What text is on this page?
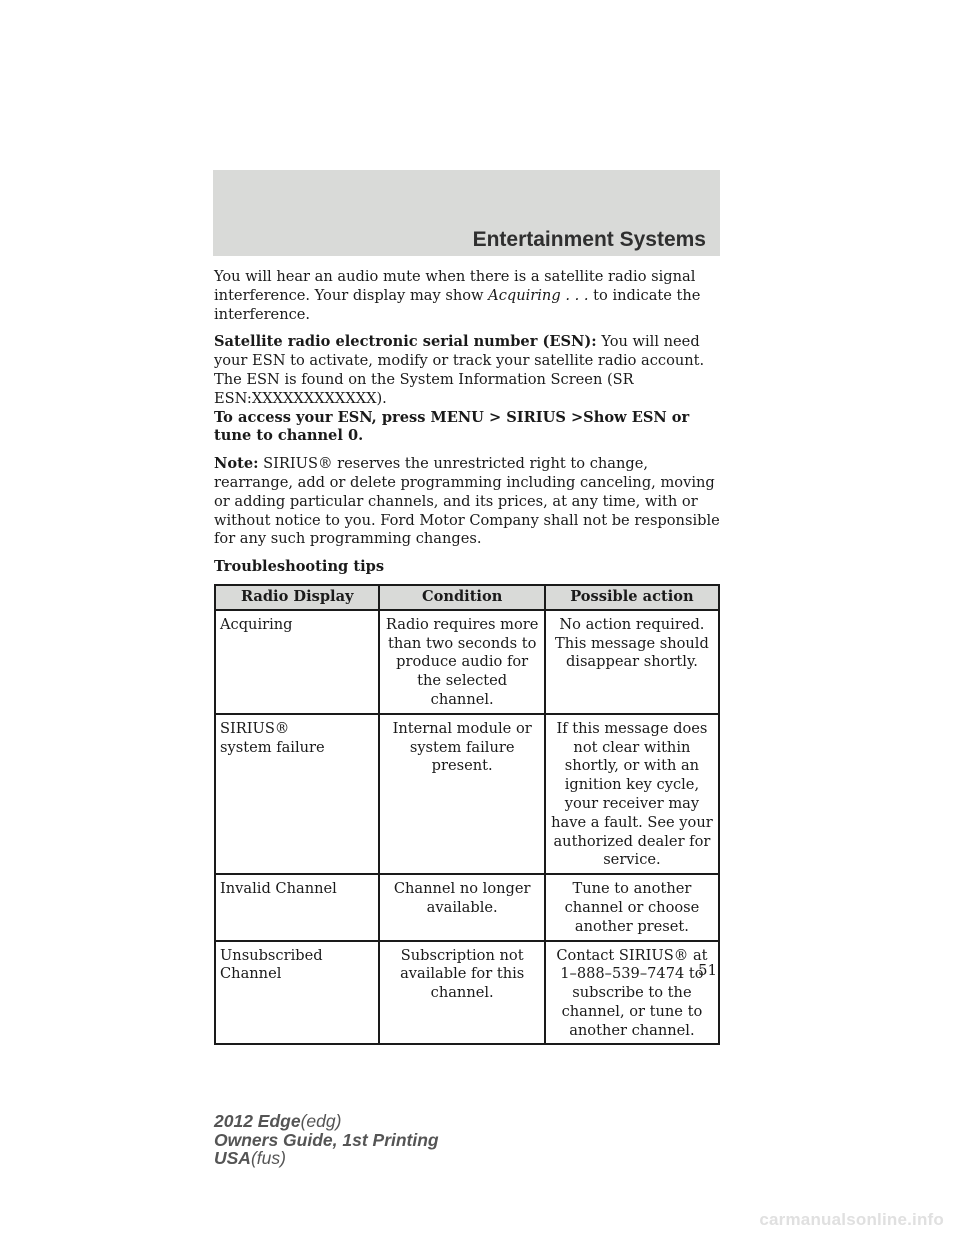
Entertainment Systems

You will hear an audio mute when there is a satellite radio signal interference. Your display may show Acquiring . . . to indicate the interference.

Satellite radio electronic serial number (ESN): You will need your ESN to activate, modify or track your satellite radio account. The ESN is found on the System Information Screen (SR ESN:XXXXXXXXXXXX).

To access your ESN, press MENU > SIRIUS >Show ESN or tune to channel 0.

Note: SIRIUS® reserves the unrestricted right to change, rearrange, add or delete programming including canceling, moving or adding particular channels, and its prices, at any time, with or without notice to you. Ford Motor Company shall not be responsible for any such programming changes.

Troubleshooting tips

Radio Display	Condition	Possible action
Acquiring	Radio requires more than two seconds to produce audio for the selected channel.	No action required. This message should disappear shortly.
SIRIUS® system failure	Internal module or system failure present.	If this message does not clear within shortly, or with an ignition key cycle, your receiver may have a fault. See your authorized dealer for service.
Invalid Channel	Channel no longer available.	Tune to another channel or choose another preset.
Unsubscribed Channel	Subscription not available for this channel.	Contact SIRIUS® at 1–888–539–7474 to subscribe to the channel, or tune to another channel.
51
2012 Edge(edg)
Owners Guide, 1st Printing
USA(fus)
carmanualsonline.info
